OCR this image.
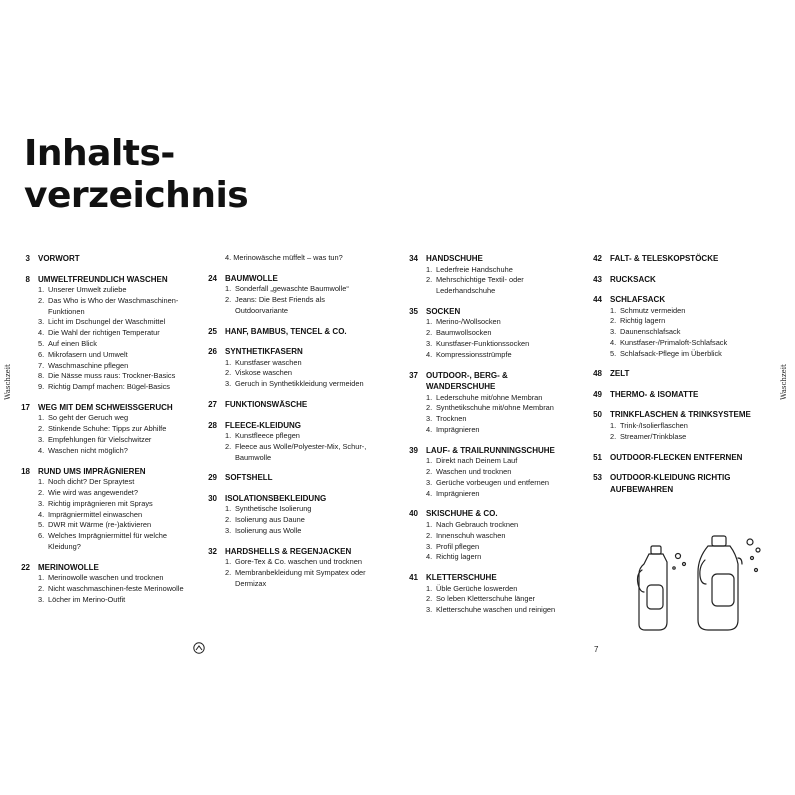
Inhalts-
verzeichnis
Waschzeit	Waschzeit
3	VORWORT
8	UMWELTFREUNDLICH WASCHEN
1. Unserer Umwelt zuliebe
2. Das Who is Who der Waschmaschinen-Funktionen
3. Licht im Dschungel der Waschmittel
4. Die Wahl der richtigen Temperatur
5. Auf einen Blick
6. Mikrofasern und Umwelt
7. Waschmaschine pflegen
8. Die Nässe muss raus: Trockner-Basics
9. Richtig Dampf machen: Bügel-Basics
17	WEG MIT DEM SCHWEISSGERUCH
1. So geht der Geruch weg
2. Stinkende Schuhe: Tipps zur Abhilfe
3. Empfehlungen für Vielschwitzer
4. Waschen nicht möglich?
18	RUND UMS IMPRÄGNIEREN
1. Noch dicht? Der Spraytest
2. Wie wird was angewendet?
3. Richtig imprägnieren mit Sprays
4. Imprägniermittel einwaschen
5. DWR mit Wärme (re-)aktivieren
6. Welches Imprägniermittel für welche Kleidung?
22	MERINOWOLLE
1. Merinowolle waschen und trocknen
2. Nicht waschmaschinen-feste Merinowolle
3. Löcher im Merino-Outfit
4. Merinowäsche müffelt – was tun?
24	BAUMWOLLE
1. Sonderfall „gewaschte Baumwolle“
2. Jeans: Die Best Friends als Outdoorvariante
25	HANF, BAMBUS, TENCEL & CO.
26	SYNTHETIKFASERN
1. Kunstfaser waschen
2. Viskose waschen
3. Geruch in Synthetikkleidung vermeiden
27	FUNKTIONSWÄSCHE
28	FLEECE-KLEIDUNG
1. Kunstfleece pflegen
2. Fleece aus Wolle/Polyester-Mix, Schur-, Baumwolle
29	SOFTSHELL
30	ISOLATIONSBEKLEIDUNG
1. Synthetische Isolierung
2. Isolierung aus Daune
3. Isolierung aus Wolle
32	HARDSHELLS & REGENJACKEN
1. Gore-Tex & Co. waschen und trocknen
2. Membranbekleidung mit Sympatex oder Dermizax
34	HANDSCHUHE
1. Lederfreie Handschuhe
2. Mehrschichtige Textil- oder Lederhandschuhe
35	SOCKEN
1. Merino-/Wollsocken
2. Baumwollsocken
3. Kunstfaser-Funktionssocken
4. Kompressionsstrümpfe
37	OUTDOOR-, BERG- & WANDERSCHUHE
1. Lederschuhe mit/ohne Membran
2. Synthetikschuhe mit/ohne Membran
3. Trocknen
4. Imprägnieren
39	LAUF- & TRAILRUNNINGSCHUHE
1. Direkt nach Deinem Lauf
2. Waschen und trocknen
3. Gerüche vorbeugen und entfernen
4. Imprägnieren
40	SKISCHUHE & CO.
1. Nach Gebrauch trocknen
2. Innenschuh waschen
3. Profil pflegen
4. Richtig lagern
41	KLETTERSCHUHE
1. Üble Gerüche loswerden
2. So leben Kletterschuhe länger
3. Kletterschuhe waschen und reinigen
42	FALT- & TELESKOPSTÖCKE
43	RUCKSACK
44	SCHLAFSACK
1. Schmutz vermeiden
2. Richtig lagern
3. Daunenschlafsack
4. Kunstfaser-/Primaloft-Schlafsack
5. Schlafsack-Pflege im Überblick
48	ZELT
49	THERMO- & ISOMATTE
50	TRINKFLASCHEN & TRINKSYSTEME
1. Trink-/Isolierflaschen
2. Streamer/Trinkblase
51	OUTDOOR-FLECKEN ENTFERNEN
53	OUTDOOR-KLEIDUNG RICHTIG AUFBEWAHREN
7
